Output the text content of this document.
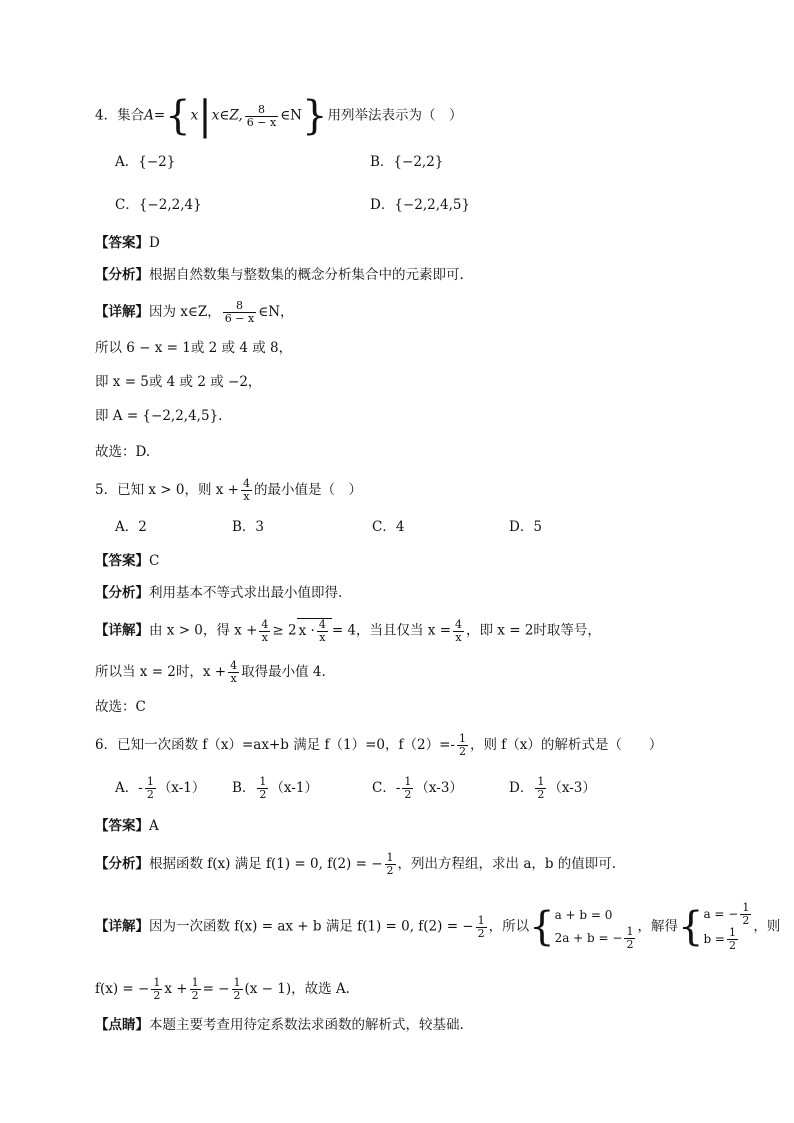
4．集合A={x|x∈Z, $\frac{8}{6 - x}$ ∈N}用列举法表示为（　）
A．{−2}	B．{−2,2}
C．{−2,2,4}	D．{−2,2,4,5}
【答案】D
【分析】根据自然数集与整数集的概念分析集合中的元素即可.
【详解】因为 x∈Z， $\frac{8}{6 - x}$ ∈N，
所以 6 − x = 1或 2 或 4 或 8，
即 x = 5或 4 或 2 或 −2，
即 A = {−2,2,4,5}.
故选：D.
5．已知 x > 0，则 $x + \frac{4}{x}$ 的最小值是（　）
A．2	B．3	C．4	D．5
【答案】C
【分析】利用基本不等式求出最小值即得.
【详解】由 x > 0，得 $x + \frac{4}{x} \ge 2$ $x \cdot \frac{4}{x} = 4$，当且仅当 $x = \frac{4}{x}$ ，即 x = 2时取等号，
所以当 x = 2时，$x + \frac{4}{x}$ 取得最小值 4.
故选：C
6．已知一次函数 f（x）=ax+b 满足 f（1）=0，$f(2)=- \frac{1}{2}$ ，则 f（x）的解析式是（　　）
A．- $\frac{1}{2} (x-1)$ B． $\frac{1}{2} (x-1)$	C．- $\frac{1}{2} (x-3)$	D． $\frac{1}{2} (x-3)$
【答案】A
【分析】根据函数 f(x) 满足 f(1) = 0, f(2) = − $\frac{1}{2}$ ，列出方程组，求出 a，b 的值即可.
【详解】因为一次函数 f(x) = ax + b 满足 f(1) = 0, f(2) = − $\frac{1}{2}$ ，所以{ a + b = 0
2a + b = − $\frac{1}{2}$ ，解得{ a = − $\frac{1}{2}$
$b = \frac{1}{2}$
，则
f(x) = − $\frac{1}{2}$ $x + \frac{1}{2}$ = − $\frac{1}{2} (x - 1)$，故选 A.
【点睛】本题主要考查用待定系数法求函数的解析式，较基础.
